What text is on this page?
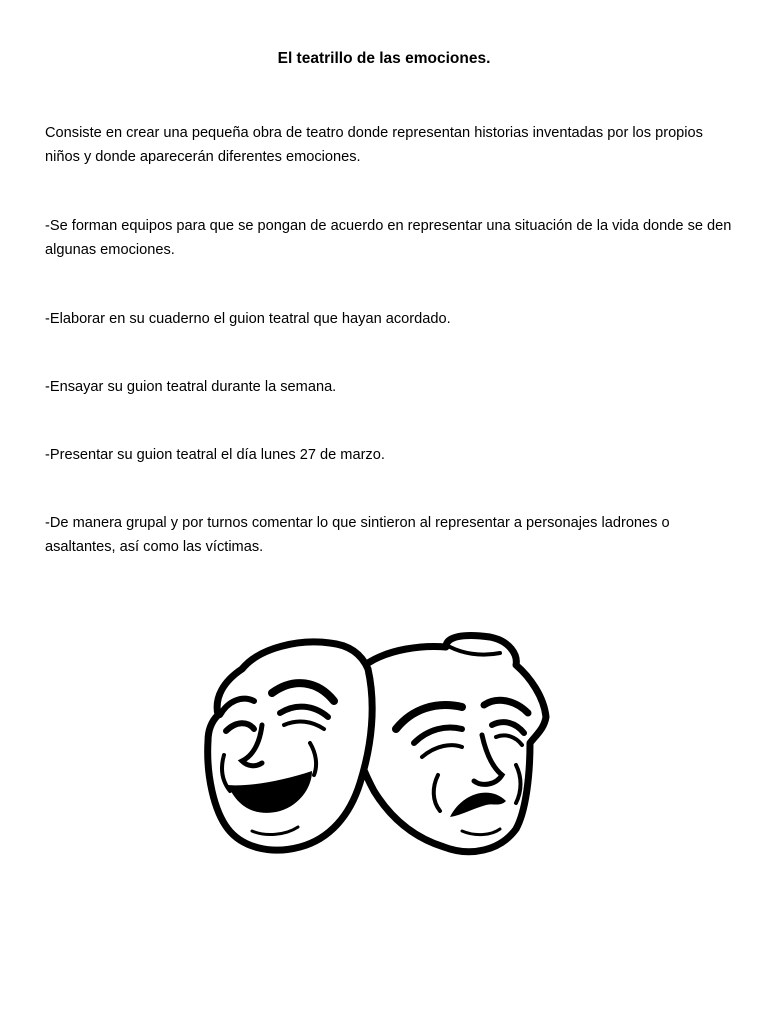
El teatrillo de las emociones.
Consiste en crear una pequeña obra de teatro donde representan historias inventadas por los propios niños y donde aparecerán diferentes emociones.
-Se forman equipos para que se pongan de acuerdo en representar una situación de la vida donde se den algunas emociones.
-Elaborar en su cuaderno el guion teatral que hayan acordado.
-Ensayar su guion teatral durante la semana.
-Presentar su guion teatral el día lunes 27 de marzo.
-De manera grupal y por turnos comentar lo que sintieron al representar a personajes ladrones o asaltantes, así como las víctimas.
